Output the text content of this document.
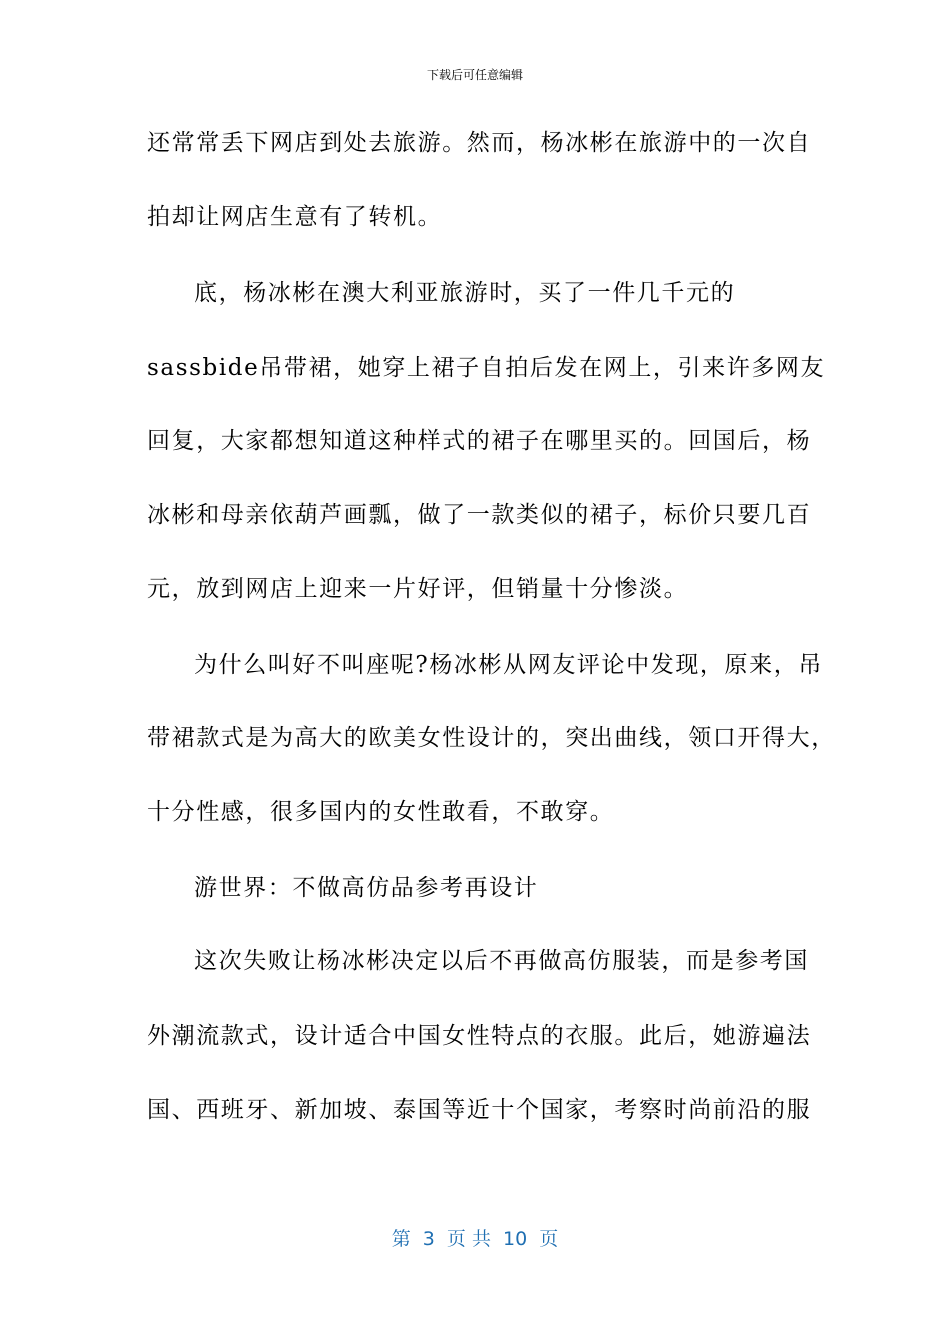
下载后可任意编辑
还常常丢下网店到处去旅游。然而，杨冰彬在旅游中的一次自
拍却让网店生意有了转机。
底，杨冰彬在澳大利亚旅游时，买了一件几千元的
sassbide吊带裙，她穿上裙子自拍后发在网上，引来许多网友
回复，大家都想知道这种样式的裙子在哪里买的。回国后，杨
冰彬和母亲依葫芦画瓢，做了一款类似的裙子，标价只要几百
元，放到网店上迎来一片好评，但销量十分惨淡。
为什么叫好不叫座呢?杨冰彬从网友评论中发现，原来，吊
带裙款式是为高大的欧美女性设计的，突出曲线，领口开得大，
十分性感，很多国内的女性敢看，不敢穿。
游世界：不做高仿品参考再设计
这次失败让杨冰彬决定以后不再做高仿服装，而是参考国
外潮流款式，设计适合中国女性特点的衣服。此后，她游遍法
国、西班牙、新加坡、泰国等近十个国家，考察时尚前沿的服
第  3  页 共  10  页
